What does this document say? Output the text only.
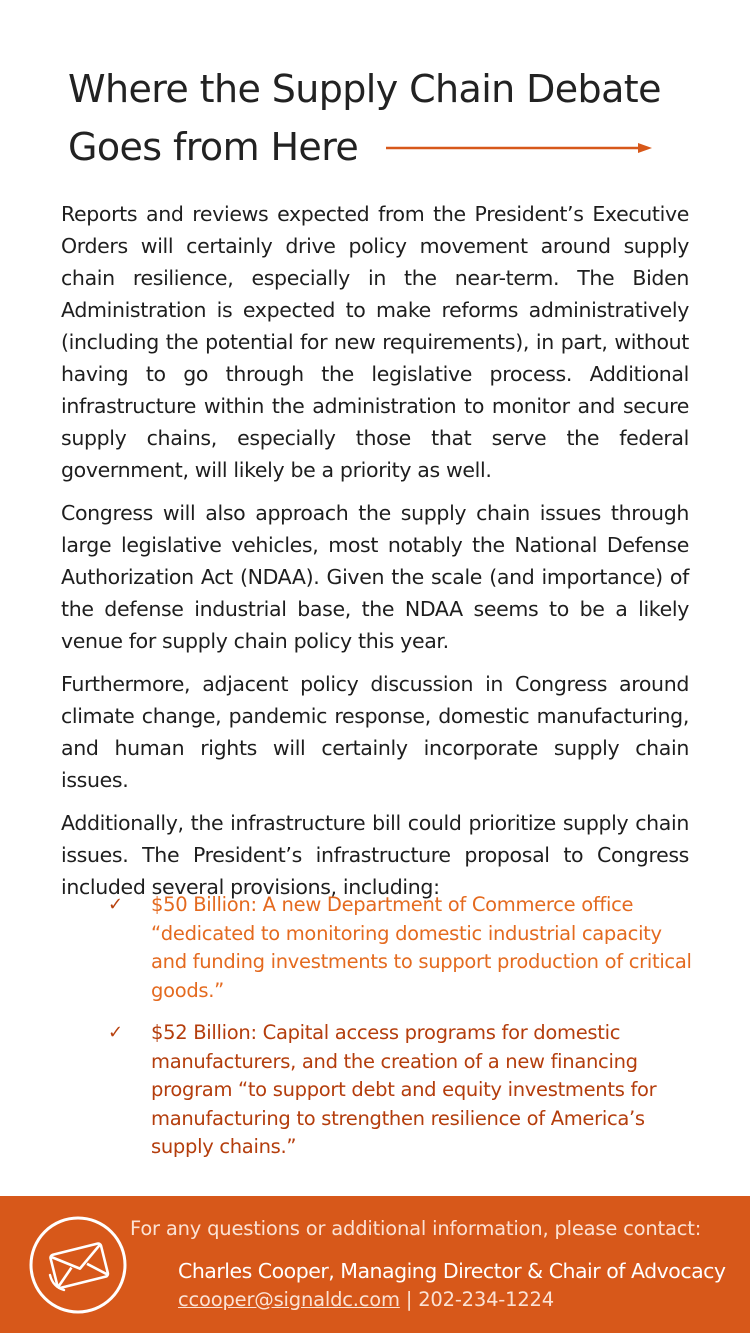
Where the Supply Chain Debate
Goes from Here

Reports and reviews expected from the President’s Executive Orders will certainly drive policy movement around supply chain resilience, especially in the near-term. The Biden Administration is expected to make reforms administratively (including the potential for new requirements), in part, without having to go through the legislative process. Additional infrastructure within the administration to monitor and secure supply chains, especially those that serve the federal government, will likely be a priority as well.

Congress will also approach the supply chain issues through large legislative vehicles, most notably the National Defense Authorization Act (NDAA). Given the scale (and importance) of the defense industrial base, the NDAA seems to be a likely venue for supply chain policy this year.

Furthermore, adjacent policy discussion in Congress around climate change, pandemic response, domestic manufacturing, and human rights will certainly incorporate supply chain issues.

Additionally, the infrastructure bill could prioritize supply chain issues. The President’s infrastructure proposal to Congress included several provisions, including:

✓	$50 Billion: A new Department of Commerce office “dedicated to monitoring domestic industrial capacity and funding investments to support production of critical goods.”
✓	$52 Billion: Capital access programs for domestic manufacturers, and the creation of a new financing program “to support debt and equity investments for manufacturing to strengthen resilience of America’s supply chains.”
For any questions or additional information, please contact:
Charles Cooper, Managing Director & Chair of Advocacy
ccooper@signaldc.com | 202-234-1224
